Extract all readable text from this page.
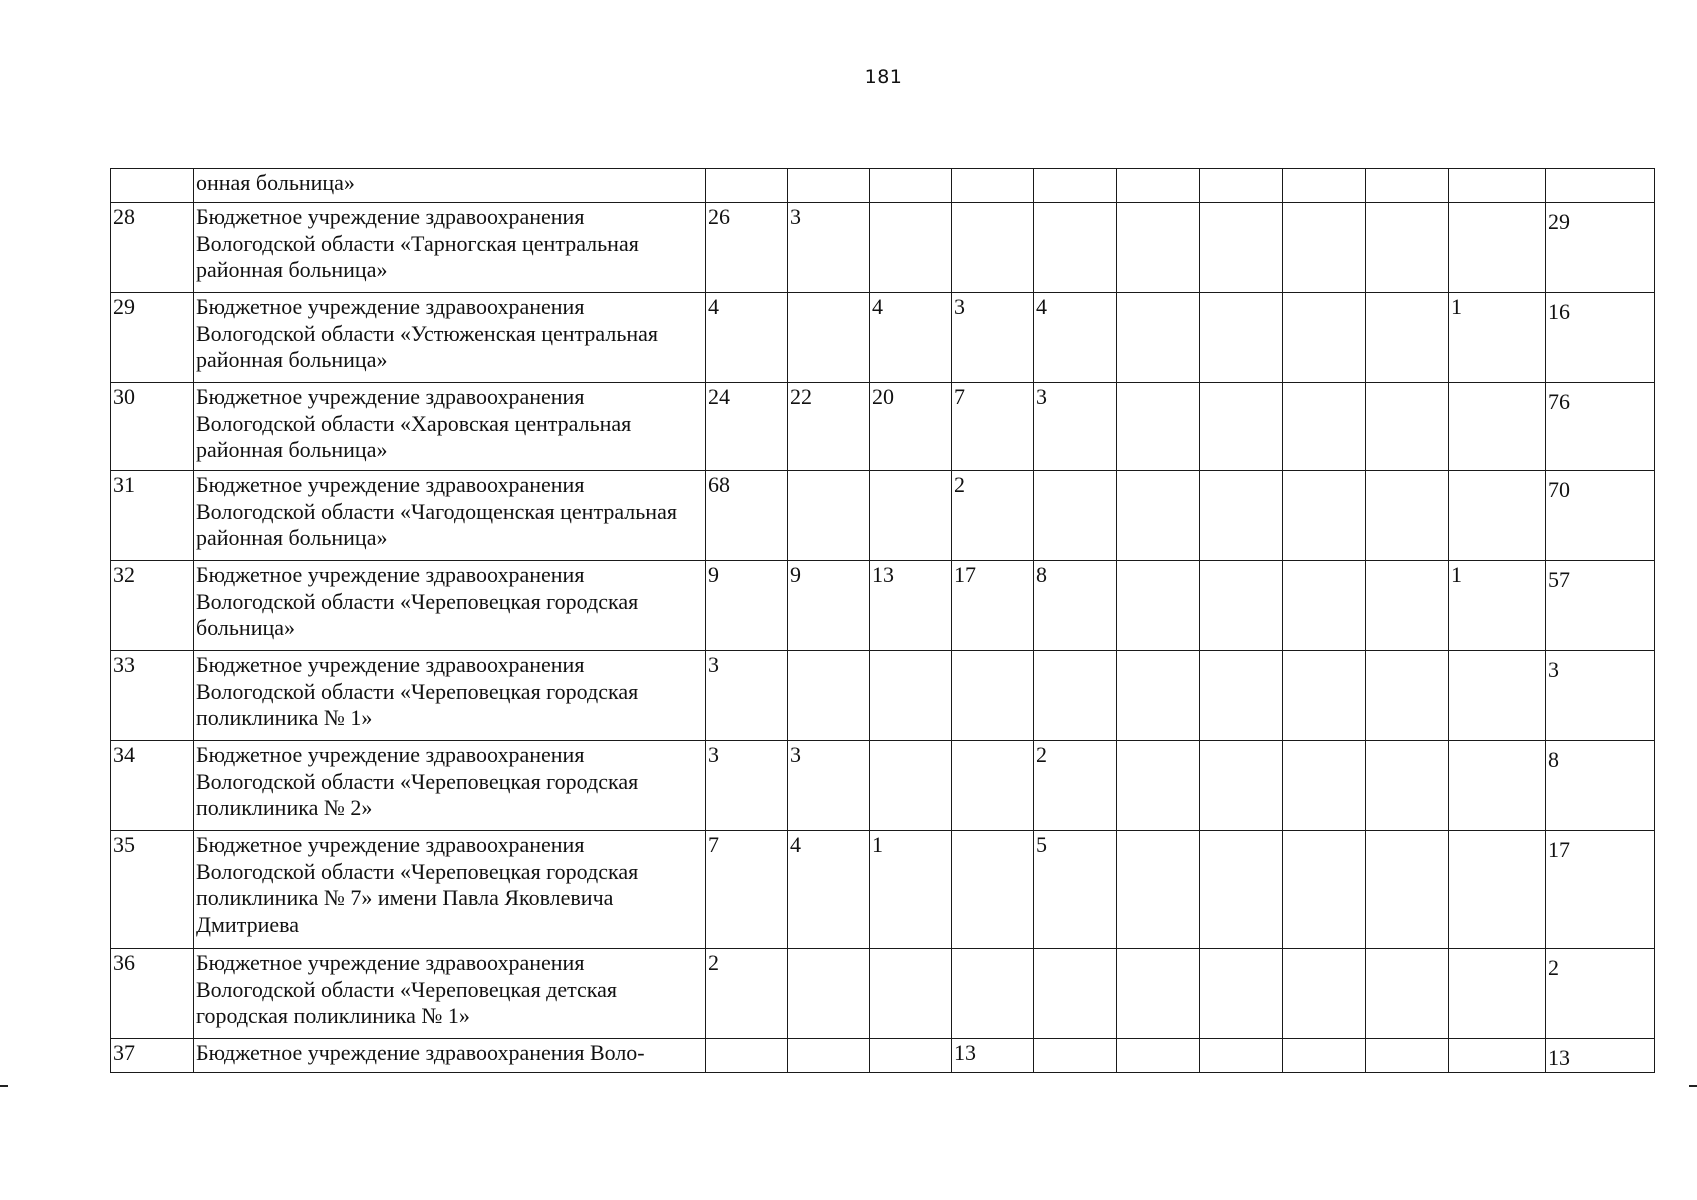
181
	онная больница»											
28	Бюджетное учреждение здравоохранения Вологодской области «Тарногская центральная районная больница»	26	3									29
29	Бюджетное учреждение здравоохранения Вологодской области «Устюженская центральная районная больница»	4		4	3	4					1	16
30	Бюджетное учреждение здравоохранения Вологодской области «Харовская центральная районная больница»	24	22	20	7	3						76
31	Бюджетное учреждение здравоохранения Вологодской области «Чагодощенская центральная районная больница»	68			2							70
32	Бюджетное учреждение здравоохранения Вологодской области «Череповецкая городская больница»	9	9	13	17	8					1	57
33	Бюджетное учреждение здравоохранения Вологодской области «Череповецкая городская поликлиника № 1»	3										3
34	Бюджетное учреждение здравоохранения Вологодской области «Череповецкая городская поликлиника № 2»	3	3			2						8
35	Бюджетное учреждение здравоохранения Вологодской области «Череповецкая городская поликлиника № 7» имени Павла Яковлевича Дмитриева	7	4	1		5						17
36	Бюджетное учреждение здравоохранения Вологодской области «Череповецкая детская городская поликлиника № 1»	2										2
37	Бюджетное учреждение здравоохранения Воло-				13							13
